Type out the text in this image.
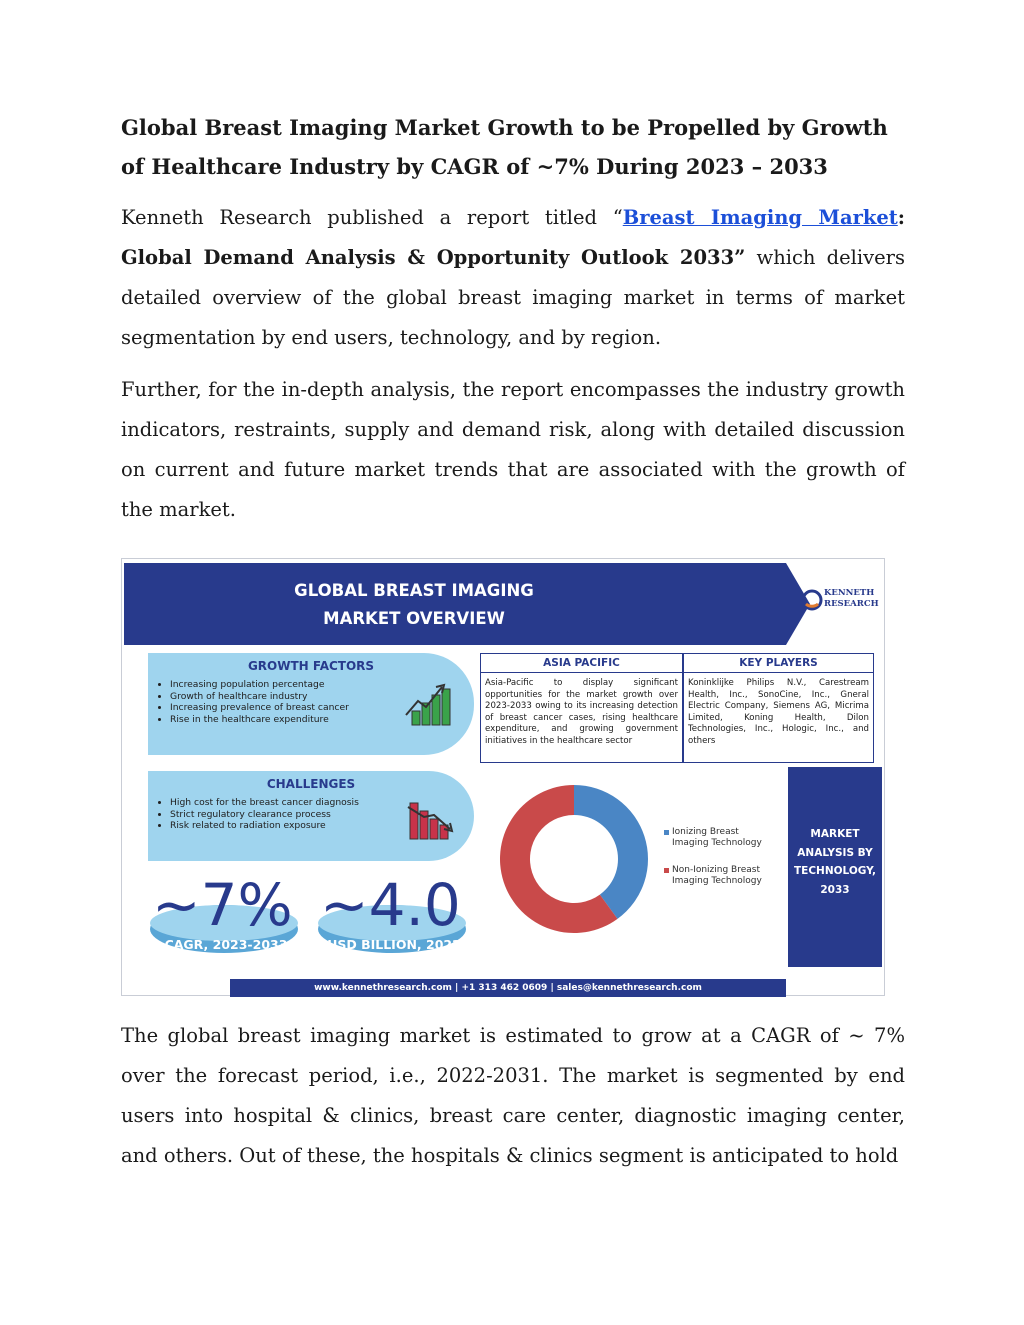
Global Breast Imaging Market Growth to be Propelled by Growth of Healthcare Industry by CAGR of ~7% During 2023 – 2033

Kenneth Research published a report titled “Breast Imaging Market: Global Demand Analysis & Opportunity Outlook 2033” which delivers detailed overview of the global breast imaging market in terms of market segmentation by end users, technology, and by region.

Further, for the in-depth analysis, the report encompasses the industry growth indicators, restraints, supply and demand risk, along with detailed discussion on current and future market trends that are associated with the growth of the market.

GLOBAL BREAST IMAGING
MARKET OVERVIEW
KENNETH
RESEARCH
GROWTH FACTORS
• Increasing population percentage
• Growth of healthcare industry
• Increasing prevalence of breast cancer
• Rise in the healthcare expenditure
CHALLENGES
• High cost for the breast cancer diagnosis
• Strict regulatory clearance process
• Risk related to radiation exposure
~7%
CAGR, 2023-2033
~4.0
USD BILLION, 2022
ASIA PACIFIC
Asia-Pacific to display significant opportunities for the market growth over 2023-2033 owing to its increasing detection of breast cancer cases, rising healthcare expenditure, and growing government initiatives in the healthcare sector
KEY PLAYERS
Koninklijke Philips N.V., Carestream Health, Inc., SonoCine, Inc., Gneral Electric Company, Siemens AG, Micrima Limited, Koning Health, Dilon Technologies, Inc., Hologic, Inc., and others
Ionizing Breast Imaging Technology
Non-Ionizing Breast Imaging Technology
MARKET
ANALYSIS BY
TECHNOLOGY,
2033
www.kennethresearch.com | +1 313 462 0609 | sales@kennethresearch.com

The global breast imaging market is estimated to grow at a CAGR of ~ 7% over the forecast period, i.e., 2022-2031. The market is segmented by end users into hospital & clinics, breast care center, diagnostic imaging center, and others. Out of these, the hospitals & clinics segment is anticipated to hold
